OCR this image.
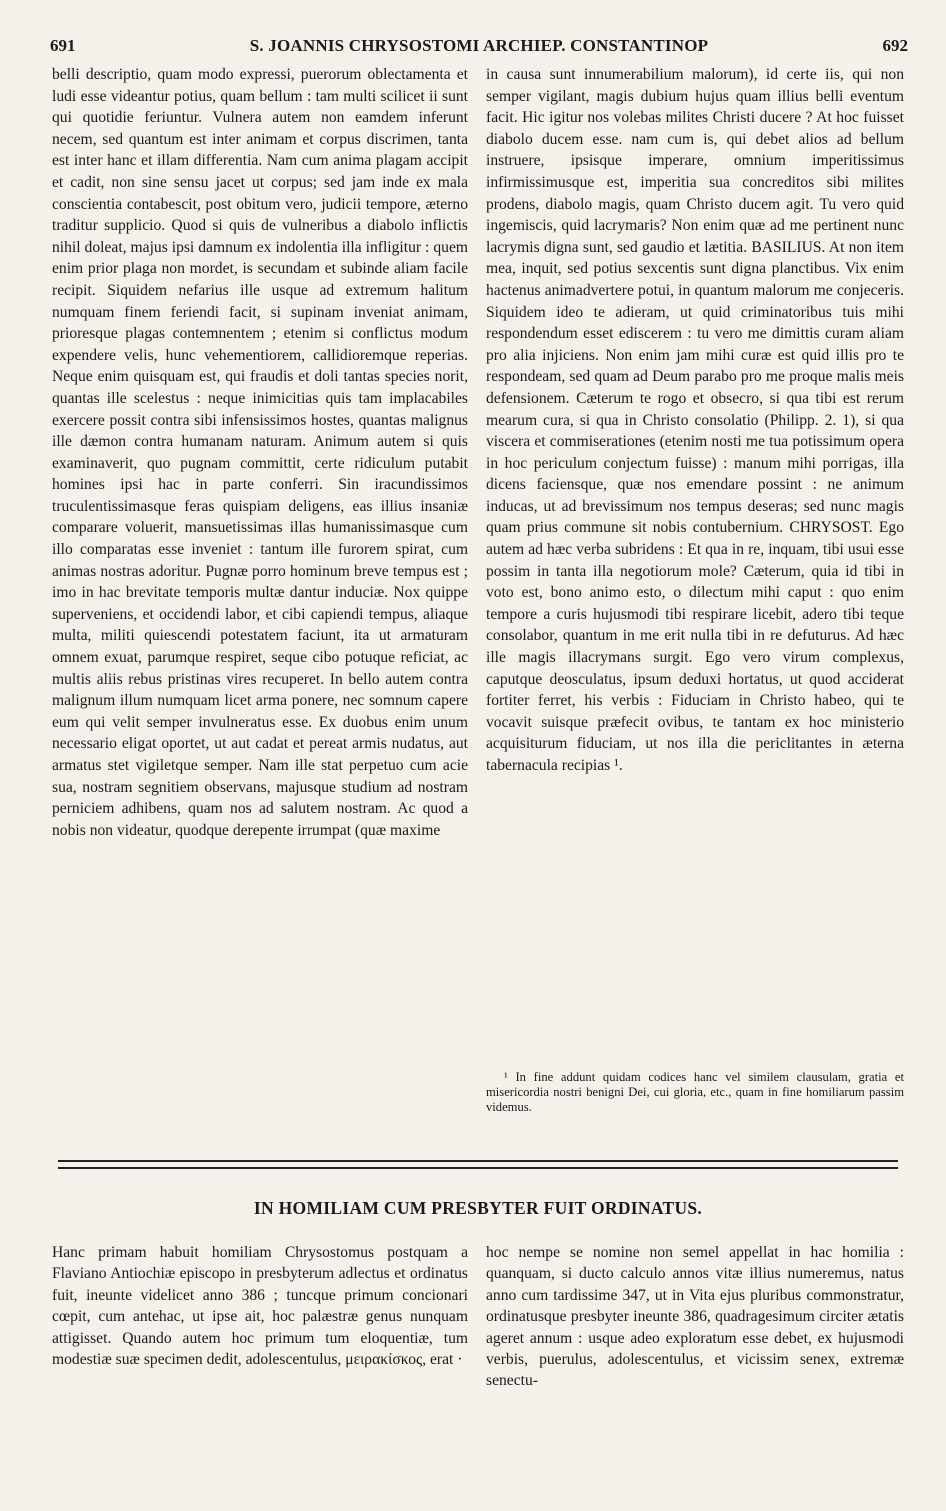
691	S. JOANNIS CHRYSOSTOMI ARCHIEP. CONSTANTINOP	692

belli descriptio, quam modo expressi, puerorum oblectamenta et ludi esse videantur potius, quam bellum : tam multi scilicet ii sunt qui quotidie feriuntur. Vulnera autem non eamdem inferunt necem, sed quantum est inter animam et corpus discrimen, tanta est inter hanc et illam differentia. Nam cum anima plagam accipit et cadit, non sine sensu jacet ut corpus; sed jam inde ex mala conscientia contabescit, post obitum vero, judicii tempore, æterno traditur supplicio. Quod si quis de vulneribus a diabolo inflictis nihil doleat, majus ipsi damnum ex indolentia illa infligitur : quem enim prior plaga non mordet, is secundam et subinde aliam facile recipit. Siquidem nefarius ille usque ad extremum halitum numquam finem feriendi facit, si supinam inveniat animam, prioresque plagas contemnentem ; etenim si conflictus modum expendere velis, hunc vehementiorem, callidioremque reperias. Neque enim quisquam est, qui fraudis et doli tantas species norit, quantas ille scelestus : neque inimicitias quis tam implacabiles exercere possit contra sibi infensissimos hostes, quantas malignus ille dæmon contra humanam naturam. Animum autem si quis examinaverit, quo pugnam committit, certe ridiculum putabit homines ipsi hac in parte conferri. Sin iracundissimos truculentissimasque feras quispiam deligens, eas illius insaniæ comparare voluerit, mansuetissimas illas humanissimasque cum illo comparatas esse inveniet : tantum ille furorem spirat, cum animas nostras adoritur. Pugnæ porro hominum breve tempus est ; imo in hac brevitate temporis multæ dantur induciæ. Nox quippe superveniens, et occidendi labor, et cibi capiendi tempus, aliaque multa, militi quiescendi potestatem faciunt, ita ut armaturam omnem exuat, parumque respiret, seque cibo potuque reficiat, ac multis aliis rebus pristinas vires recuperet. In bello autem contra malignum illum numquam licet arma ponere, nec somnum capere eum qui velit semper invulneratus esse. Ex duobus enim unum necessario eligat oportet, ut aut cadat et pereat armis nudatus, aut armatus stet vigiletque semper. Nam ille stat perpetuo cum acie sua, nostram segnitiem observans, majusque studium ad nostram perniciem adhibens, quam nos ad salutem nostram. Ac quod a nobis non videatur, quodque derepente irrumpat (quæ maxime

in causa sunt innumerabilium malorum), id certe iis, qui non semper vigilant, magis dubium hujus quam illius belli eventum facit. Hic igitur nos volebas milites Christi ducere ? At hoc fuisset diabolo ducem esse. nam cum is, qui debet alios ad bellum instruere, ipsisque imperare, omnium imperitissimus infirmissimusque est, imperitia sua concreditos sibi milites prodens, diabolo magis, quam Christo ducem agit. Tu vero quid ingemiscis, quid lacrymaris? Non enim quæ ad me pertinent nunc lacrymis digna sunt, sed gaudio et lætitia. BASILIUS. At non item mea, inquit, sed potius sexcentis sunt digna planctibus. Vix enim hactenus animadvertere potui, in quantum malorum me conjeceris. Siquidem ideo te adieram, ut quid criminatoribus tuis mihi respondendum esset ediscerem : tu vero me dimittis curam aliam pro alia injiciens. Non enim jam mihi curæ est quid illis pro te respondeam, sed quam ad Deum parabo pro me proque malis meis defensionem. Cæterum te rogo et obsecro, si qua tibi est rerum mearum cura, si qua in Christo consolatio (Philipp. 2. 1), si qua viscera et commiserationes (etenim nosti me tua potissimum opera in hoc periculum conjectum fuisse) : manum mihi porrigas, illa dicens faciensque, quæ nos emendare possint : ne animum inducas, ut ad brevissimum nos tempus deseras; sed nunc magis quam prius commune sit nobis contubernium. CHRYSOST. Ego autem ad hæc verba subridens : Et qua in re, inquam, tibi usui esse possim in tanta illa negotiorum mole? Cæterum, quia id tibi in voto est, bono animo esto, o dilectum mihi caput : quo enim tempore a curis hujusmodi tibi respirare licebit, adero tibi teque consolabor, quantum in me erit nulla tibi in re defuturus. Ad hæc ille magis illacrymans surgit. Ego vero virum complexus, caputque deosculatus, ipsum deduxi hortatus, ut quod acciderat fortiter ferret, his verbis : Fiduciam in Christo habeo, qui te vocavit suisque præfecit ovibus, te tantam ex hoc ministerio acquisiturum fiduciam, ut nos illa die periclitantes in æterna tabernacula recipias ¹.

¹ In fine addunt quidam codices hanc vel similem clausulam, gratia et misericordia nostri benigni Dei, cui gloria, etc., quam in fine homiliarum passim videmus.

IN HOMILIAM CUM PRESBYTER FUIT ORDINATUS.

Hanc primam habuit homiliam Chrysostomus postquam a Flaviano Antiochiæ episcopo in presbyterum adlectus et ordinatus fuit, ineunte videlicet anno 386 ; tuncque primum concionari cœpit, cum antehac, ut ipse ait, hoc palæstræ genus nunquam attigisset. Quando autem hoc primum tum eloquentiæ, tum modestiæ suæ specimen dedit, adolescentulus, μειρακίσκος, erat ·

hoc nempe se nomine non semel appellat in hac homilia : quanquam, si ducto calculo annos vitæ illius numeremus, natus anno cum tardissime 347, ut in Vita ejus pluribus commonstratur, ordinatusque presbyter ineunte 386, quadragesimum circiter ætatis ageret annum : usque adeo exploratum esse debet, ex hujusmodi verbis, puerulus, adolescentulus, et vicissim senex, extremæ senectu-
